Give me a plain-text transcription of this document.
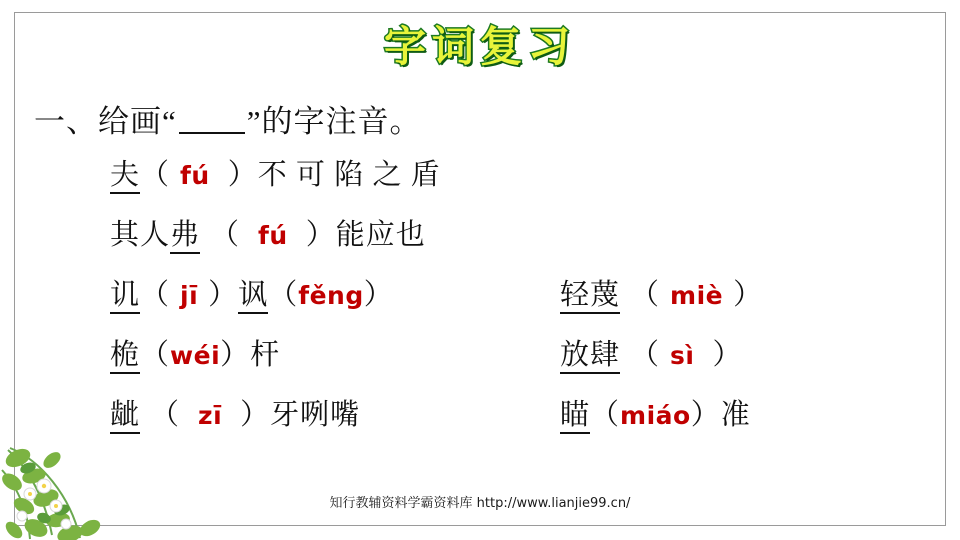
字词复习
一、给画“ ”的字注音。
夫（ fú ）不 可 陷 之 盾
其人弗 （ fú ）能应也
讥（ jī ）讽（fěng）	轻蔑 （ miè ）
桅（wéi）杆	放肆 （ sì ）
龇 （ zī ）牙咧嘴	瞄（miáo）准
知行教辅资料学霸资料库 http://www.lianjie99.cn/
